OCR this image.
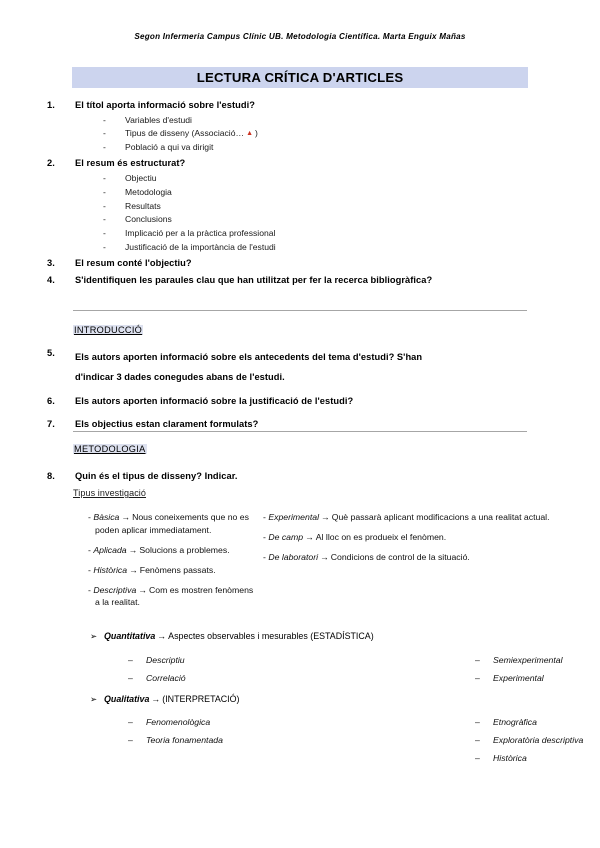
Segon Infermeria Campus Clínic UB. Metodologia Científica. Marta Enguix Mañas
LECTURA CRÍTICA D'ARTICLES
1.	El títol aporta informació sobre l'estudi?
-	Variables d'estudi
-	Tipus de disseny (Associació… ▲ )
-	Població a qui va dirigit
2.	El resum és estructurat?
-	Objectiu
-	Metodologia
-	Resultats
-	Conclusions
-	Implicació per a la pràctica professional
-	Justificació de la importància de l'estudi
3.	El resum conté l'objectiu?
4.	S'identifiquen les paraules clau que han utilitzat per fer la recerca bibliogràfica?
INTRODUCCIÓ
5.	Els autors aporten informació sobre els antecedents del tema d'estudi? S'han
d'indicar 3 dades conegudes abans de l'estudi.
6.	Els autors aporten informació sobre la justificació de l'estudi?
7.	Els objectius estan clarament formulats?
METODOLOGIA
8.	Quin és el tipus de disseny? Indicar.
Tipus investigació

- Bàsica → Nous coneixements que no es poden aplicar immediatament.

- Aplicada → Solucions a problemes.

- Històrica → Fenòmens passats.

- Descriptiva → Com es mostren fenòmens a la realitat.

- Experimental → Què passarà aplicant modificacions a una realitat actual.

- De camp → Al lloc on es produeix el fenòmen.

- De laboratori → Condicions de control de la situació.

➢ Quantitativa → Aspectes observables i mesurables (ESTADÍSTICA)
–	Descriptiu
–	Correlació
–	Semiexperimental
–	Experimental
➢ Qualitativa → (INTERPRETACIÓ)
–	Fenomenològica
–	Teoria fonamentada
–	Etnogràfica
–	Exploratòria descriptiva
–	Històrica
